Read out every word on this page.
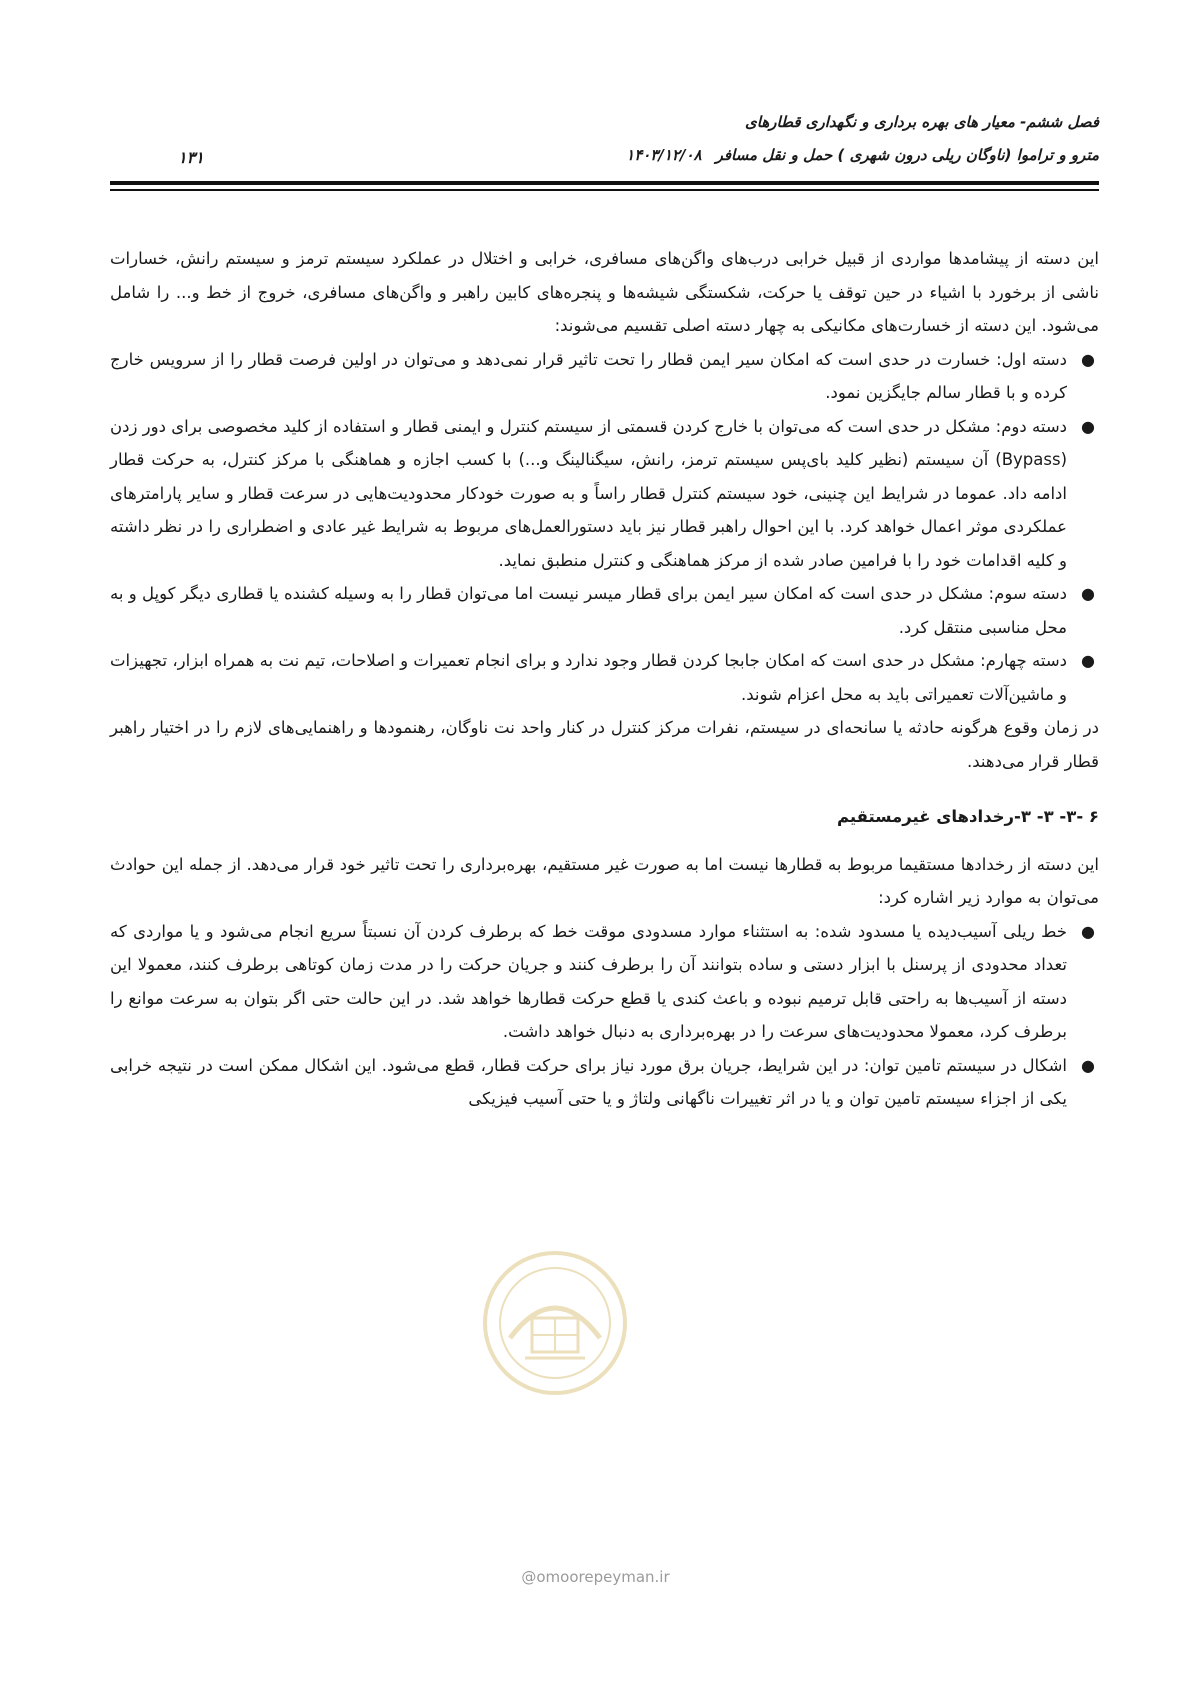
فصل ششم- معیار های بهره برداری و نگهداری قطارهای
مترو و تراموا (ناوگان ریلی درون شهری ) حمل و نقل مسافر۱۴۰۳/۱۲/۰۸
۱۳۱

این دسته از پیشامدها مواردی از قبیل خرابی درب‌های واگن‌های مسافری، خرابی و اختلال در عملکرد سیستم ترمز و سیستم رانش، خسارات ناشی از برخورد با اشیاء در حین توقف یا حرکت، شکستگی شیشه‌ها و پنجره‌های کابین راهبر و واگن‌های مسافری، خروج از خط و... را شامل می‌شود. این دسته از خسارت‌های مکانیکی به چهار دسته اصلی تقسیم می‌شوند:

●
دسته اول: خسارت در حدی است که امکان سیر ایمن قطار را تحت تاثیر قرار نمی‌دهد و می‌توان در اولین فرصت قطار را از سرویس خارج کرده و با قطار سالم جایگزین نمود.
●
دسته دوم: مشکل در حدی است که می‌توان با خارج کردن قسمتی از سیستم کنترل و ایمنی قطار و استفاده از کلید مخصوصی برای دور زدن (Bypass) آن سیستم (نظیر کلید بای‌پس سیستم ترمز، رانش، سیگنالینگ و...) با کسب اجازه و هماهنگی با مرکز کنترل، به حرکت قطار ادامه داد. عموما در شرایط این چنینی، خود سیستم کنترل قطار راساً و به صورت خودکار محدودیت‌هایی در سرعت قطار و سایر پارامترهای عملکردی موثر اعمال خواهد کرد. با این احوال راهبر قطار نیز باید دستورالعمل‌های مربوط به شرایط غیر عادی و اضطراری را در نظر داشته و کلیه اقدامات خود را با فرامین صادر شده از مرکز هماهنگی و کنترل منطبق نماید.
●
دسته سوم: مشکل در حدی است که امکان سیر ایمن برای قطار میسر نیست اما می‌توان قطار را به وسیله کشنده یا قطاری دیگر کوپل و به محل مناسبی منتقل کرد.
●
دسته چهارم: مشکل در حدی است که امکان جابجا کردن قطار وجود ندارد و برای انجام تعمیرات و اصلاحات، تیم نت به همراه ابزار، تجهیزات و ماشین‌آلات تعمیراتی باید به محل اعزام شوند.

در زمان وقوع هرگونه حادثه یا سانحه‌ای در سیستم، نفرات مرکز کنترل در کنار واحد نت ناوگان، رهنمودها و راهنمایی‌های لازم را در اختیار راهبر قطار قرار می‌دهند.

۶ -۳- ۳- ۳-رخدادهای غیرمستقیم

این دسته از رخدادها مستقیما مربوط به قطارها نیست اما به صورت غیر مستقیم، بهره‌برداری را تحت تاثیر خود قرار می‌دهد. از جمله این حوادث می‌توان به موارد زیر اشاره کرد:

●
خط ریلی آسیب‌دیده یا مسدود شده: به استثناء موارد مسدودی موقت خط که برطرف کردن آن نسبتاً سریع انجام می‌شود و یا مواردی که تعداد محدودی از پرسنل با ابزار دستی و ساده بتوانند آن را برطرف کنند و جریان حرکت را در مدت زمان کوتاهی برطرف کنند، معمولا این دسته از آسیب‌ها به راحتی قابل ترمیم نبوده و باعث کندی یا قطع حرکت قطارها خواهد شد. در این حالت حتی اگر بتوان به سرعت موانع را برطرف کرد، معمولا محدودیت‌های سرعت را در بهره‌برداری به دنبال خواهد داشت.
●
اشکال در سیستم تامین توان: در این شرایط، جریان برق مورد نیاز برای حرکت قطار، قطع می‌شود. این اشکال ممکن است در نتیجه خرابی یکی از اجزاء سیستم تامین توان و یا در اثر تغییرات ناگهانی ولتاژ و یا حتی آسیب فیزیکی
@omoorepeyman.ir
